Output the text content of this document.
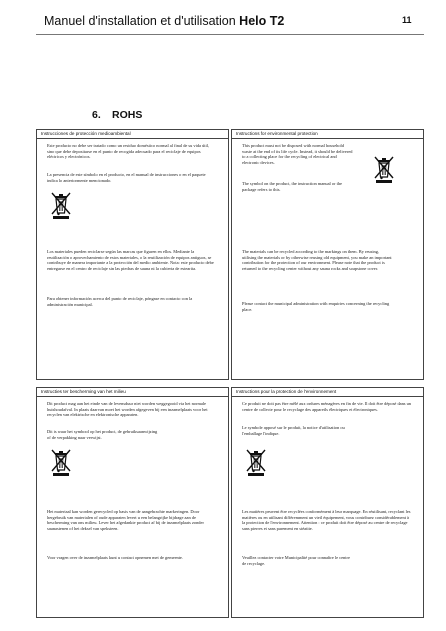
Manuel d'installation et d'utilisation Helo T2	11
6. ROHS
Instrucciones de protección medioambiental

Este producto no debe ser tratado como un residuo doméstico normal al final de su vida útil, sino que debe depositarse en el punto de recogida adecuado para el reciclaje de equipos eléctricos y electrónicos.

La presencia de este símbolo en el producto, en el manual de instrucciones o en el paquete indica lo anteriormente mencionado.

Los materiales pueden reciclarse según las marcas que figuren en ellos. Mediante la reutilización o aprovechamiento de estos materiales, o la reutilización de equipos antiguos, se contribuye de manera importante a la protección del medio ambiente. Nota: este producto debe entregarse en el centro de reciclaje sin las piedras de sauna ni la cubierta de estearita.

Para obtener información acerca del punto de reciclaje, póngase en contacto con la administración municipal.

Instructions for environmental protection

This product must not be disposed with normal household waste at the end of its life cycle. Instead, it should be delivered to a collecting place for the recycling of electrical and electronic devices.

The symbol on the product, the instruction manual or the package refers to this.

The materials can be recycled according to the markings on them. By reusing, utilising the materials or by otherwise reusing old equipment, you make an important contribution for the protection of our environment. Please note that the product is returned to the recycling center without any sauna rocks and soapstone cover.

Please contact the municipal administration with enquiries concerning the recycling place.

Instructies ter bescherming van het milieu

Dit product mag aan het einde van de levensduur niet worden weggegooid via het normale huishoudafval. In plaats daarvan moet het worden afgegeven bij een inzamelplaats voor het recyclen van elektrische en elektronische apparaten.

Dit is waar het symbool op het product, de gebruiksaanwijzing of de verpakking naar verwijst.

Het materiaal kan worden gerecycled op basis van de aangebrachte markeringen. Door hergebruik van materialen of oude apparaten levert u een belangrijke bijdrage aan de bescherming van ons milieu. Lever het afgedankte product af bij de inzamelplaats zonder saunastenen of het deksel van speksteen.

Voor vragen over de inzamelplaats kunt u contact opnemen met de gemeente.

Instructions pour la protection de l'environnement

Ce produit ne doit pas être mêlé aux ordures ménagères en fin de vie. Il doit être déposé dans un centre de collecte pour le recyclage des appareils électriques et électroniques.

Le symbole apposé sur le produit, la notice d'utilisation ou l'emballage l'indique.

Les matières peuvent être recyclées conformément à leur marquage. En réutilisant, recyclant les matières ou en utilisant différemment un vieil équipement, vous contribuez considérablement à la protection de l'environnement. Attention : ce produit doit être déposé au centre de recyclage sans pierres et sans parement en stéatite.

Veuillez contacter votre Municipalité pour connaître le centre de recyclage.
